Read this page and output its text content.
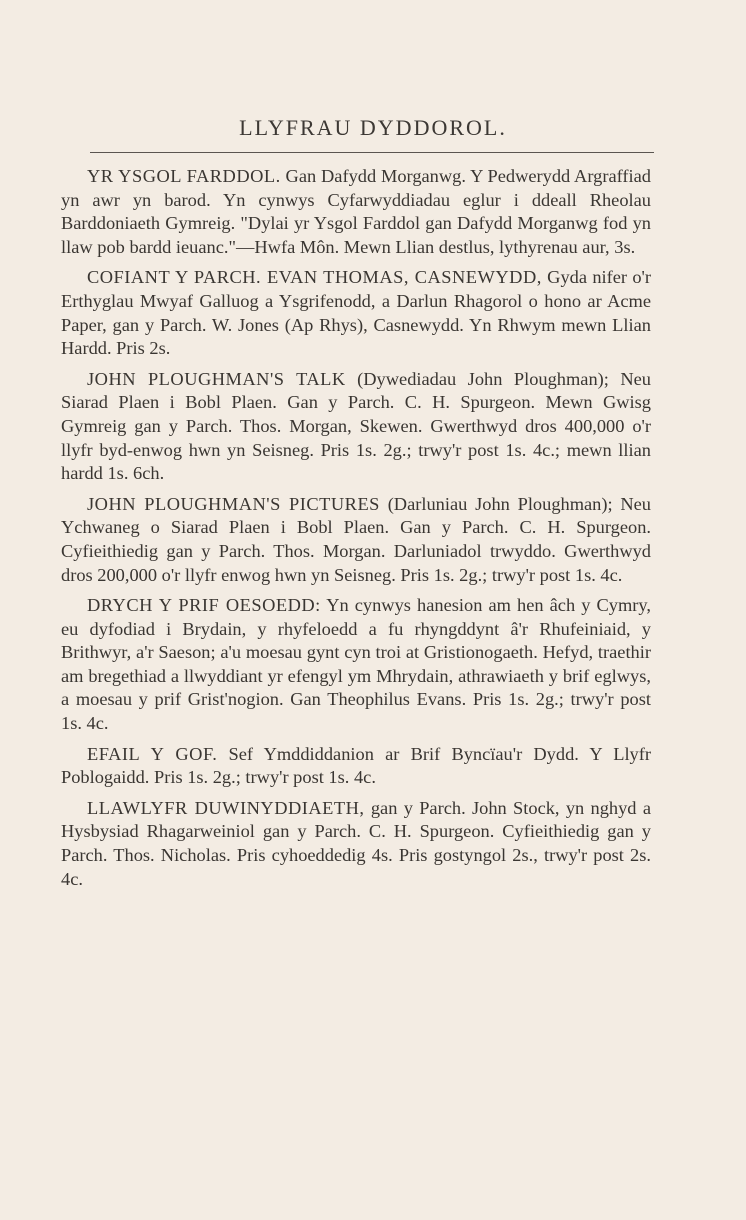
LLYFRAU DYDDOROL.

YR YSGOL FARDDOL. Gan Dafydd Morganwg. Y Pedwerydd Argraffiad yn awr yn barod. Yn cynwys Cyfarwyddiadau eglur i ddeall Rheolau Barddoniaeth Gymreig. "Dylai yr Ysgol Farddol gan Dafydd Morganwg fod yn llaw pob bardd ieuanc."—Hwfa Môn. Mewn Llian destlus, lythyrenau aur, 3s.

COFIANT Y PARCH. EVAN THOMAS, CASNEWYDD, Gyda nifer o'r Erthyglau Mwyaf Galluog a Ysgrifenodd, a Darlun Rhagorol o hono ar Acme Paper, gan y Parch. W. Jones (Ap Rhys), Casnewydd. Yn Rhwym mewn Llian Hardd. Pris 2s.

JOHN PLOUGHMAN'S TALK (Dywediadau John Ploughman); Neu Siarad Plaen i Bobl Plaen. Gan y Parch. C. H. Spurgeon. Mewn Gwisg Gymreig gan y Parch. Thos. Morgan, Skewen. Gwerthwyd dros 400,000 o'r llyfr byd-enwog hwn yn Seisneg. Pris 1s. 2g.; trwy'r post 1s. 4c.; mewn llian hardd 1s. 6ch.

JOHN PLOUGHMAN'S PICTURES (Darluniau John Ploughman); Neu Ychwaneg o Siarad Plaen i Bobl Plaen. Gan y Parch. C. H. Spurgeon. Cyfieithiedig gan y Parch. Thos. Morgan. Darluniadol trwyddo. Gwerthwyd dros 200,000 o'r llyfr enwog hwn yn Seisneg. Pris 1s. 2g.; trwy'r post 1s. 4c.

DRYCH Y PRIF OESOEDD: Yn cynwys hanesion am hen âch y Cymry, eu dyfodiad i Brydain, y rhyfeloedd a fu rhyngddynt â'r Rhufeiniaid, y Brithwyr, a'r Saeson; a'u moesau gynt cyn troi at Gristionogaeth. Hefyd, traethir am bregethiad a llwyddiant yr efengyl ym Mhrydain, athrawiaeth y brif eglwys, a moesau y prif Grist'nogion. Gan Theophilus Evans. Pris 1s. 2g.; trwy'r post 1s. 4c.

EFAIL Y GOF. Sef Ymddiddanion ar Brif Byncïau'r Dydd. Y Llyfr Poblogaidd. Pris 1s. 2g.; trwy'r post 1s. 4c.

LLAWLYFR DUWINYDDIAETH, gan y Parch. John Stock, yn nghyd a Hysbysiad Rhagarweiniol gan y Parch. C. H. Spurgeon. Cyfieithiedig gan y Parch. Thos. Nicholas. Pris cyhoeddedig 4s. Pris gostyngol 2s., trwy'r post 2s. 4c.
